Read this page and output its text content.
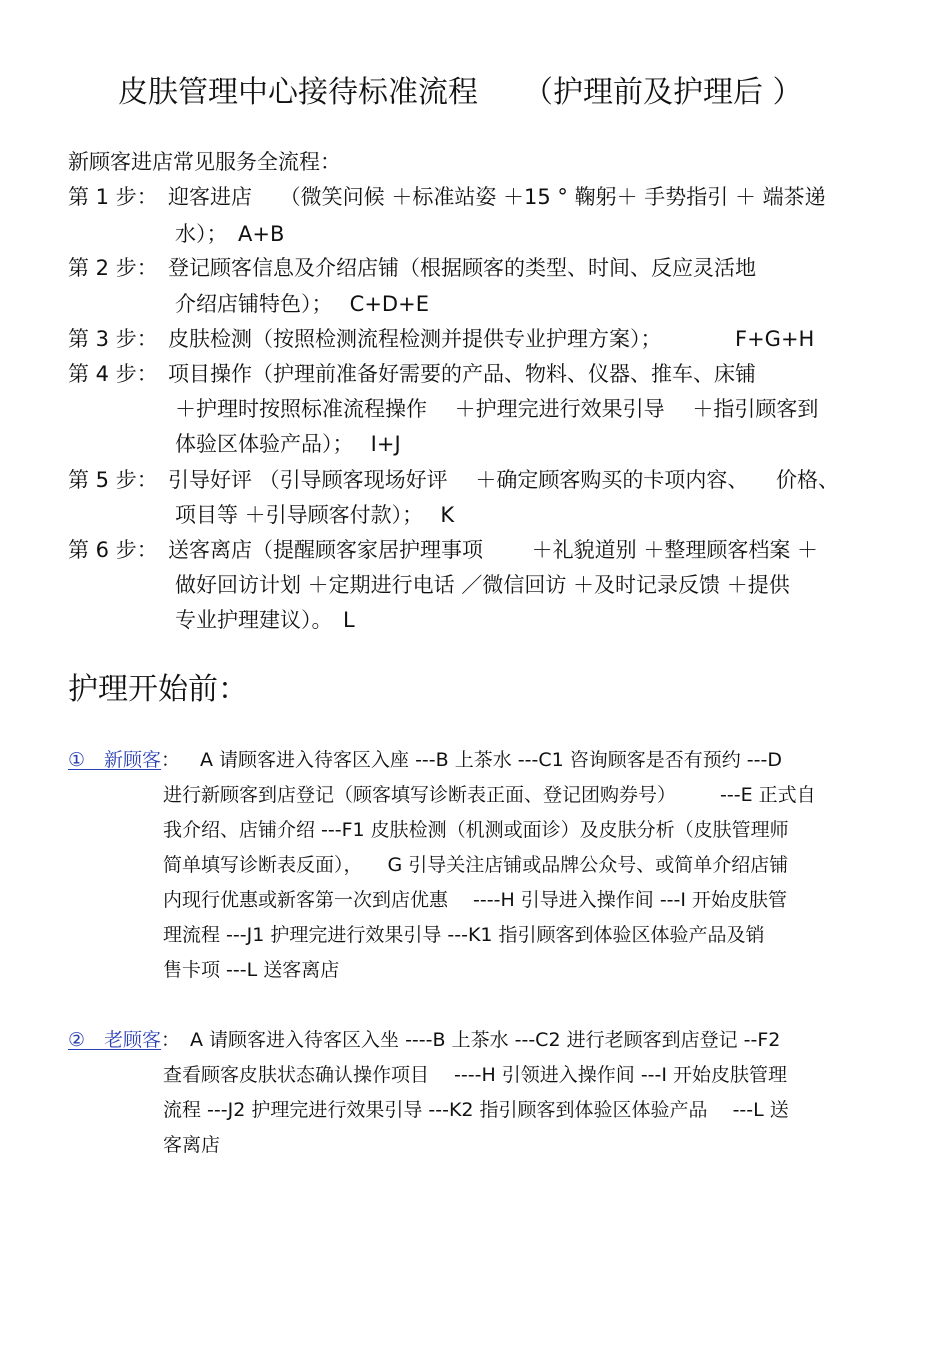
皮肤管理中心接待标准流程　　（护理前及护理后 ）
新顾客进店常见服务全流程：
第 1 步： 迎客进店　 （微笑问候 ＋标准站姿 ＋15 ° 鞠躬＋ 手势指引 ＋ 端茶递
水）；　A+B
第 2 步： 登记顾客信息及介绍店铺（根据顾客的类型、时间、反应灵活地
介绍店铺特色）；　 C+D+E
第 3 步： 皮肤检测（按照检测流程检测并提供专业护理方案）；　　　　F+G+H
第 4 步： 项目操作（护理前准备好需要的产品、物料、仪器、推车、床铺
＋护理时按照标准流程操作 　＋护理完进行效果引导 　＋指引顾客到
体验区体验产品）；　 I+J
第 5 步： 引导好评 （引导顾客现场好评 　＋确定顾客购买的卡项内容、 　价格、
项目等 ＋引导顾客付款）；　 K
第 6 步： 送客离店（提醒顾客家居护理事项 　　＋礼貌道别 ＋整理顾客档案 ＋
做好回访计划 ＋定期进行电话 ／微信回访 ＋及时记录反馈 ＋提供
专业护理建议）。　L
护理开始前：
①　新顾客： A 请顾客进入待客区入座 ---B 上茶水 ---C1 咨询顾客是否有预约 ---D
进行新顾客到店登记（顾客填写诊断表正面、登记团购券号） 　　---E 正式自
我介绍、店铺介绍 ---F1 皮肤检测（机测或面诊）及皮肤分析（皮肤管理师
简单填写诊断表反面）， 　G 引导关注店铺或品牌公众号、或简单介绍店铺
内现行优惠或新客第一次到店优惠 　----H 引导进入操作间 ---I 开始皮肤管
理流程 ---J1 护理完进行效果引导 ---K1 指引顾客到体验区体验产品及销
售卡项 ---L 送客离店
②　老顾客： A 请顾客进入待客区入坐 ----B 上茶水 ---C2 进行老顾客到店登记 --F2
查看顾客皮肤状态确认操作项目 　----H 引领进入操作间 ---I 开始皮肤管理
流程 ---J2 护理完进行效果引导 ---K2 指引顾客到体验区体验产品 　---L 送
客离店
